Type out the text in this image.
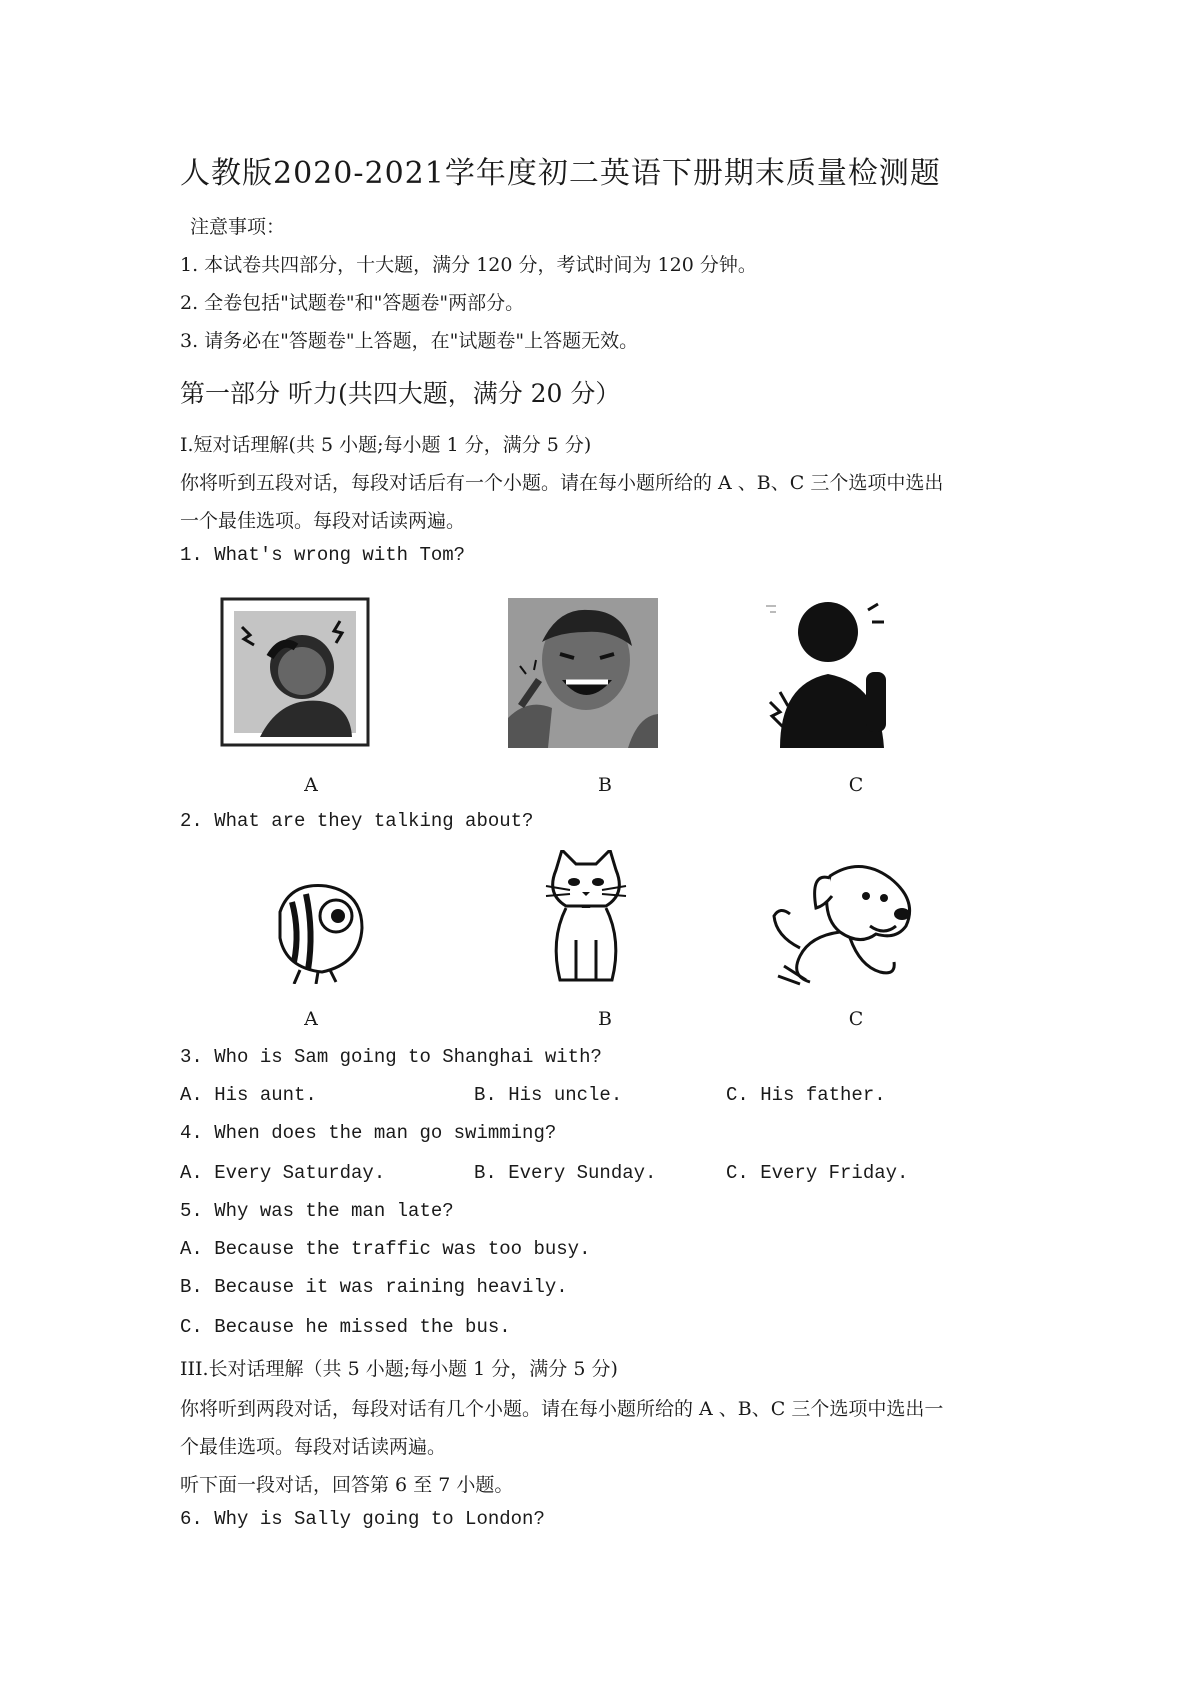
人教版2020-2021学年度初二英语下册期末质量检测题
注意事项：
1. 本试卷共四部分，十大题，满分 120 分，考试时间为 120 分钟。
2. 全卷包括"试题卷"和"答题卷"两部分。
3. 请务必在"答题卷"上答题，在"试题卷"上答题无效。
第一部分 听力(共四大题，满分 20 分）
I.短对话理解(共 5 小题;每小题 1 分，满分 5 分)
你将听到五段对话，每段对话后有一个小题。请在每小题所给的 A 、B、C 三个选项中选出
一个最佳选项。每段对话读两遍。
1. What's wrong with Tom?
A	B	C
2. What are they talking about?
A	B	C
3. Who is Sam going to Shanghai with?
A. His aunt.	B. His uncle.	C. His father.
4. When does the man go swimming?
A. Every Saturday.	B. Every Sunday.	C. Every Friday.
5. Why was the man late?
A. Because the traffic was too busy.
B. Because it was raining heavily.
C. Because he missed the bus.
III.长对话理解（共 5 小题;每小题 1 分，满分 5 分)
你将听到两段对话，每段对话有几个小题。请在每小题所给的 A 、B、C 三个选项中选出一
个最佳选项。每段对话读两遍。
听下面一段对话，回答第 6 至 7 小题。
6. Why is Sally going to London?
